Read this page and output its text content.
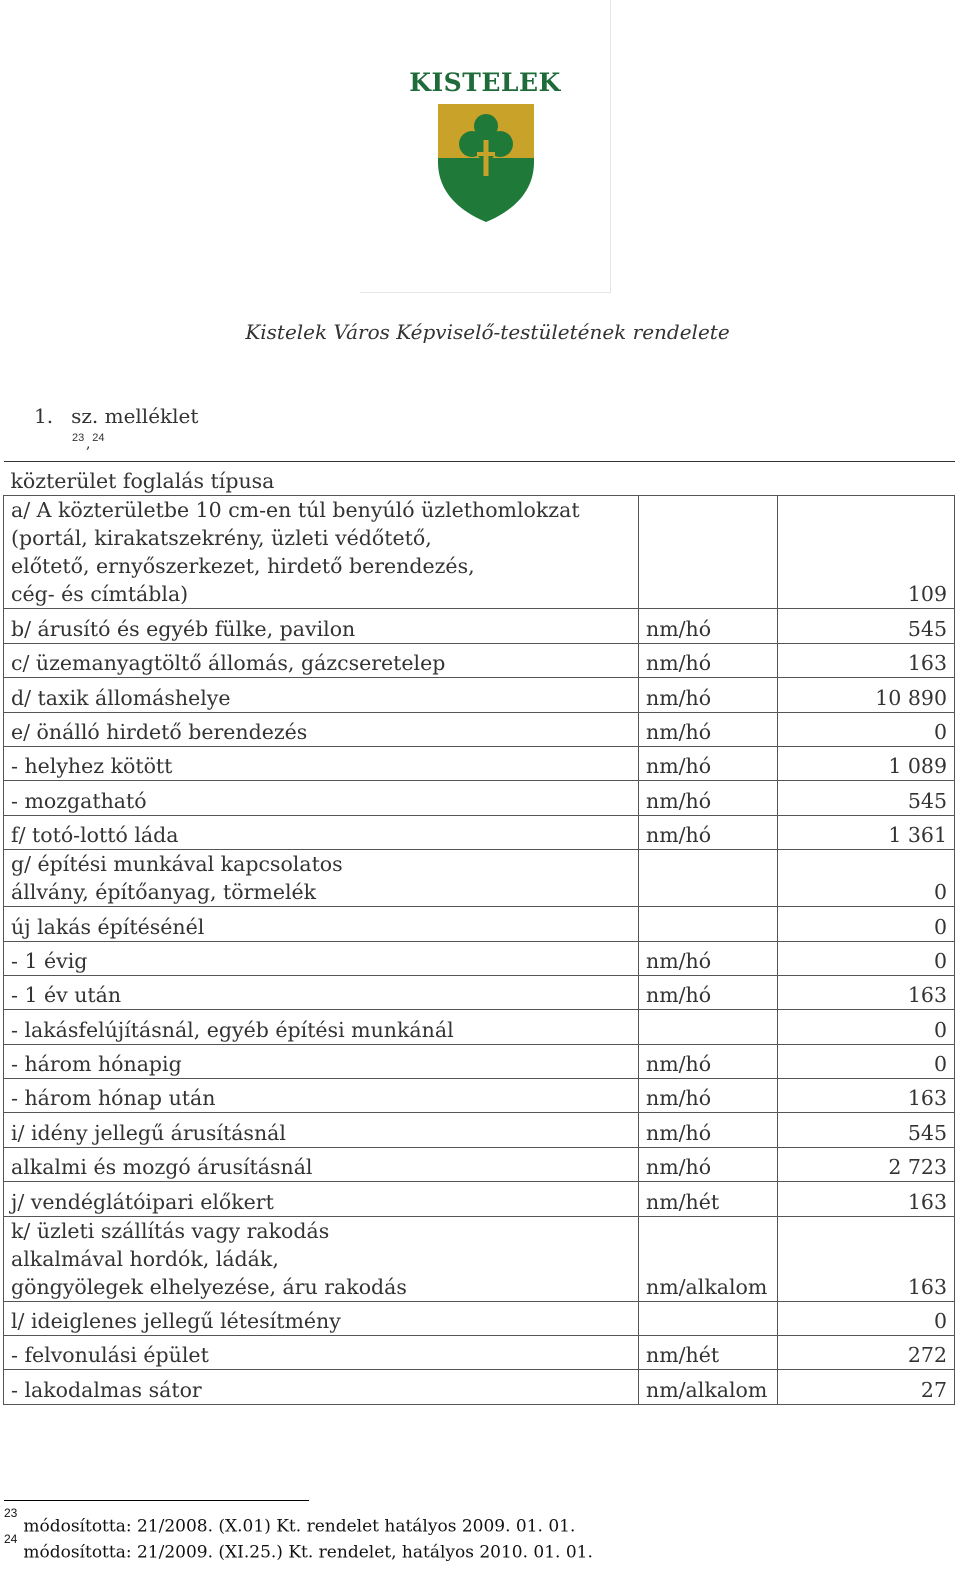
KISTELEK
Kistelek Város Képviselő-testületének rendelete
1. sz. melléklet
23 24
,
közterület foglalás típusa		
a/ A közterületbe 10 cm-en túl benyúló üzlethomlokzat
(portál, kirakatszekrény, üzleti védőtető,
előtető, ernyőszerkezet, hirdető berendezés,
cég- és címtábla)		109
b/ árusító és egyéb fülke, pavilon	nm/hó	545
c/ üzemanyagtöltő állomás, gázcseretelep	nm/hó	163
d/ taxik állomáshelye	nm/hó	10 890
e/ önálló hirdető berendezés	nm/hó	0
- helyhez kötött	nm/hó	1 089
- mozgatható	nm/hó	545
f/ totó-lottó láda	nm/hó	1 361
g/ építési munkával kapcsolatos
állvány, építőanyag, törmelék		0
új lakás építésénél		0
- 1 évig	nm/hó	0
- 1 év után	nm/hó	163
- lakásfelújításnál, egyéb építési munkánál		0
- három hónapig	nm/hó	0
- három hónap után	nm/hó	163
i/ idény jellegű árusításnál	nm/hó	545
alkalmi és mozgó árusításnál	nm/hó	2 723
j/ vendéglátóipari előkert	nm/hét	163
k/ üzleti szállítás vagy rakodás
alkalmával hordók, ládák,
göngyölegek elhelyezése, áru rakodás	nm/alkalom	163
l/ ideiglenes jellegű létesítmény		0
- felvonulási épület	nm/hét	272
- lakodalmas sátor	nm/alkalom	27
$^{23}$módosította: 21/2008. (X.01) Kt. rendelet hatályos 2009. 01. 01.
$^{24}$módosította: 21/2009. (XI.25.) Kt. rendelet, hatályos 2010. 01. 01.
